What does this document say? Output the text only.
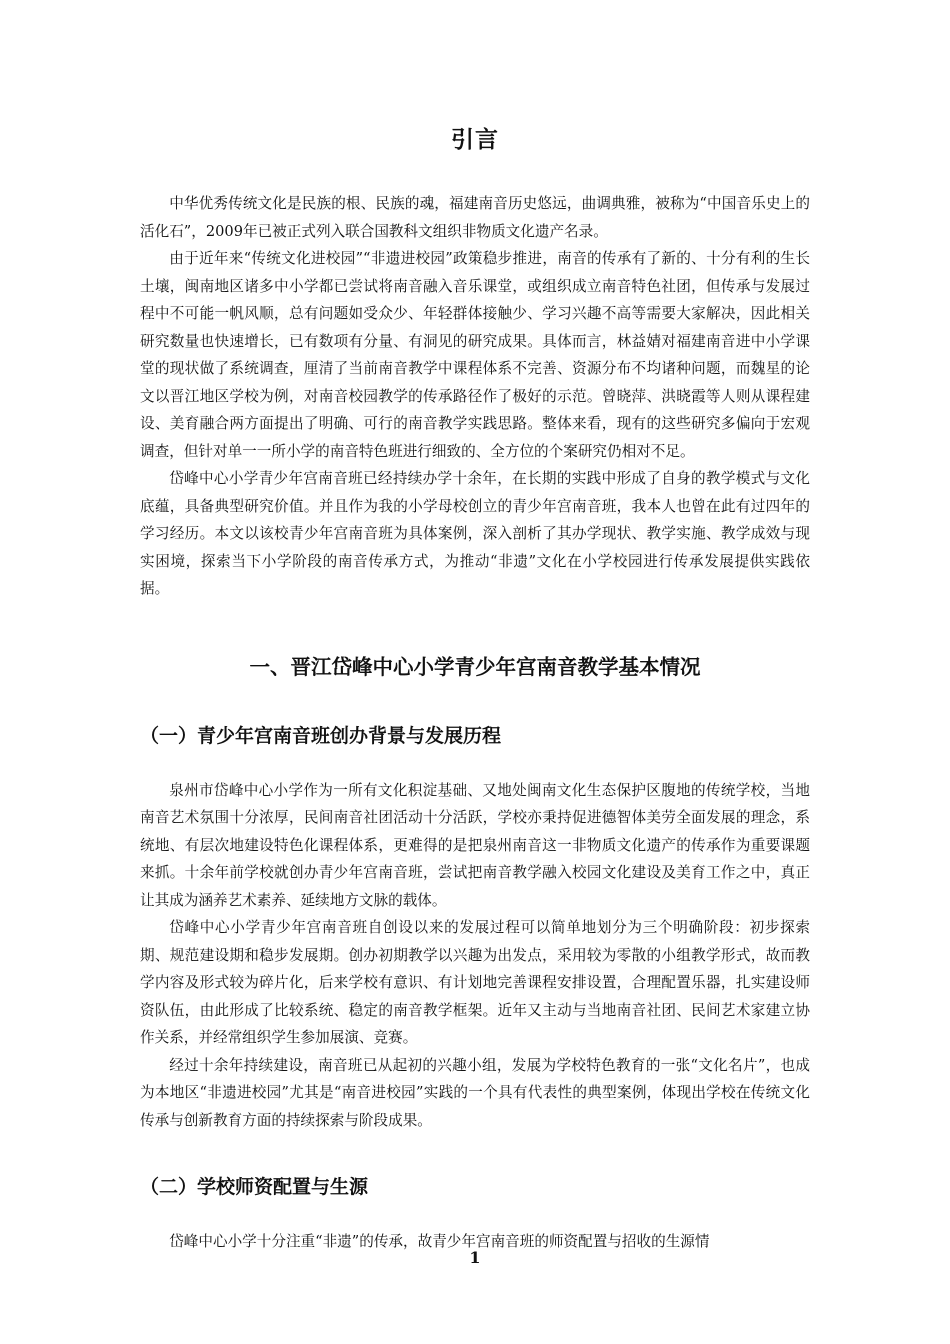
引言

中华优秀传统文化是民族的根、民族的魂，福建南音历史悠远，曲调典雅，被称为“中国音乐史上的活化石”，2009年已被正式列入联合国教科文组织非物质文化遗产名录。

由于近年来“传统文化进校园”“非遗进校园”政策稳步推进，南音的传承有了新的、十分有利的生长土壤，闽南地区诸多中小学都已尝试将南音融入音乐课堂，或组织成立南音特色社团，但传承与发展过程中不可能一帆风顺，总有问题如受众少、年轻群体接触少、学习兴趣不高等需要大家解决，因此相关研究数量也快速增长，已有数项有分量、有洞见的研究成果。具体而言，林益婧对福建南音进中小学课堂的现状做了系统调查，厘清了当前南音教学中课程体系不完善、资源分布不均诸种问题，而魏星的论文以晋江地区学校为例，对南音校园教学的传承路径作了极好的示范。曾晓萍、洪晓霞等人则从课程建设、美育融合两方面提出了明确、可行的南音教学实践思路。整体来看，现有的这些研究多偏向于宏观调查，但针对单一一所小学的南音特色班进行细致的、全方位的个案研究仍相对不足。

岱峰中心小学青少年宫南音班已经持续办学十余年，在长期的实践中形成了自身的教学模式与文化底蕴，具备典型研究价值。并且作为我的小学母校创立的青少年宫南音班，我本人也曾在此有过四年的学习经历。本文以该校青少年宫南音班为具体案例，深入剖析了其办学现状、教学实施、教学成效与现实困境，探索当下小学阶段的南音传承方式，为推动“非遗”文化在小学校园进行传承发展提供实践依据。

一、晋江岱峰中心小学青少年宫南音教学基本情况
（一）青少年宫南音班创办背景与发展历程

泉州市岱峰中心小学作为一所有文化积淀基础、又地处闽南文化生态保护区腹地的传统学校，当地南音艺术氛围十分浓厚，民间南音社团活动十分活跃，学校亦秉持促进德智体美劳全面发展的理念，系统地、有层次地建设特色化课程体系，更难得的是把泉州南音这一非物质文化遗产的传承作为重要课题来抓。十余年前学校就创办青少年宫南音班，尝试把南音教学融入校园文化建设及美育工作之中，真正让其成为涵养艺术素养、延续地方文脉的载体。

岱峰中心小学青少年宫南音班自创设以来的发展过程可以简单地划分为三个明确阶段：初步探索期、规范建设期和稳步发展期。创办初期教学以兴趣为出发点，采用较为零散的小组教学形式，故而教学内容及形式较为碎片化，后来学校有意识、有计划地完善课程安排设置，合理配置乐器，扎实建设师资队伍，由此形成了比较系统、稳定的南音教学框架。近年又主动与当地南音社团、民间艺术家建立协作关系，并经常组织学生参加展演、竞赛。

经过十余年持续建设，南音班已从起初的兴趣小组，发展为学校特色教育的一张“文化名片”，也成为本地区“非遗进校园”尤其是“南音进校园”实践的一个具有代表性的典型案例，体现出学校在传统文化传承与创新教育方面的持续探索与阶段成果。

（二）学校师资配置与生源

岱峰中心小学十分注重“非遗”的传承，故青少年宫南音班的师资配置与招收的生源情

1
